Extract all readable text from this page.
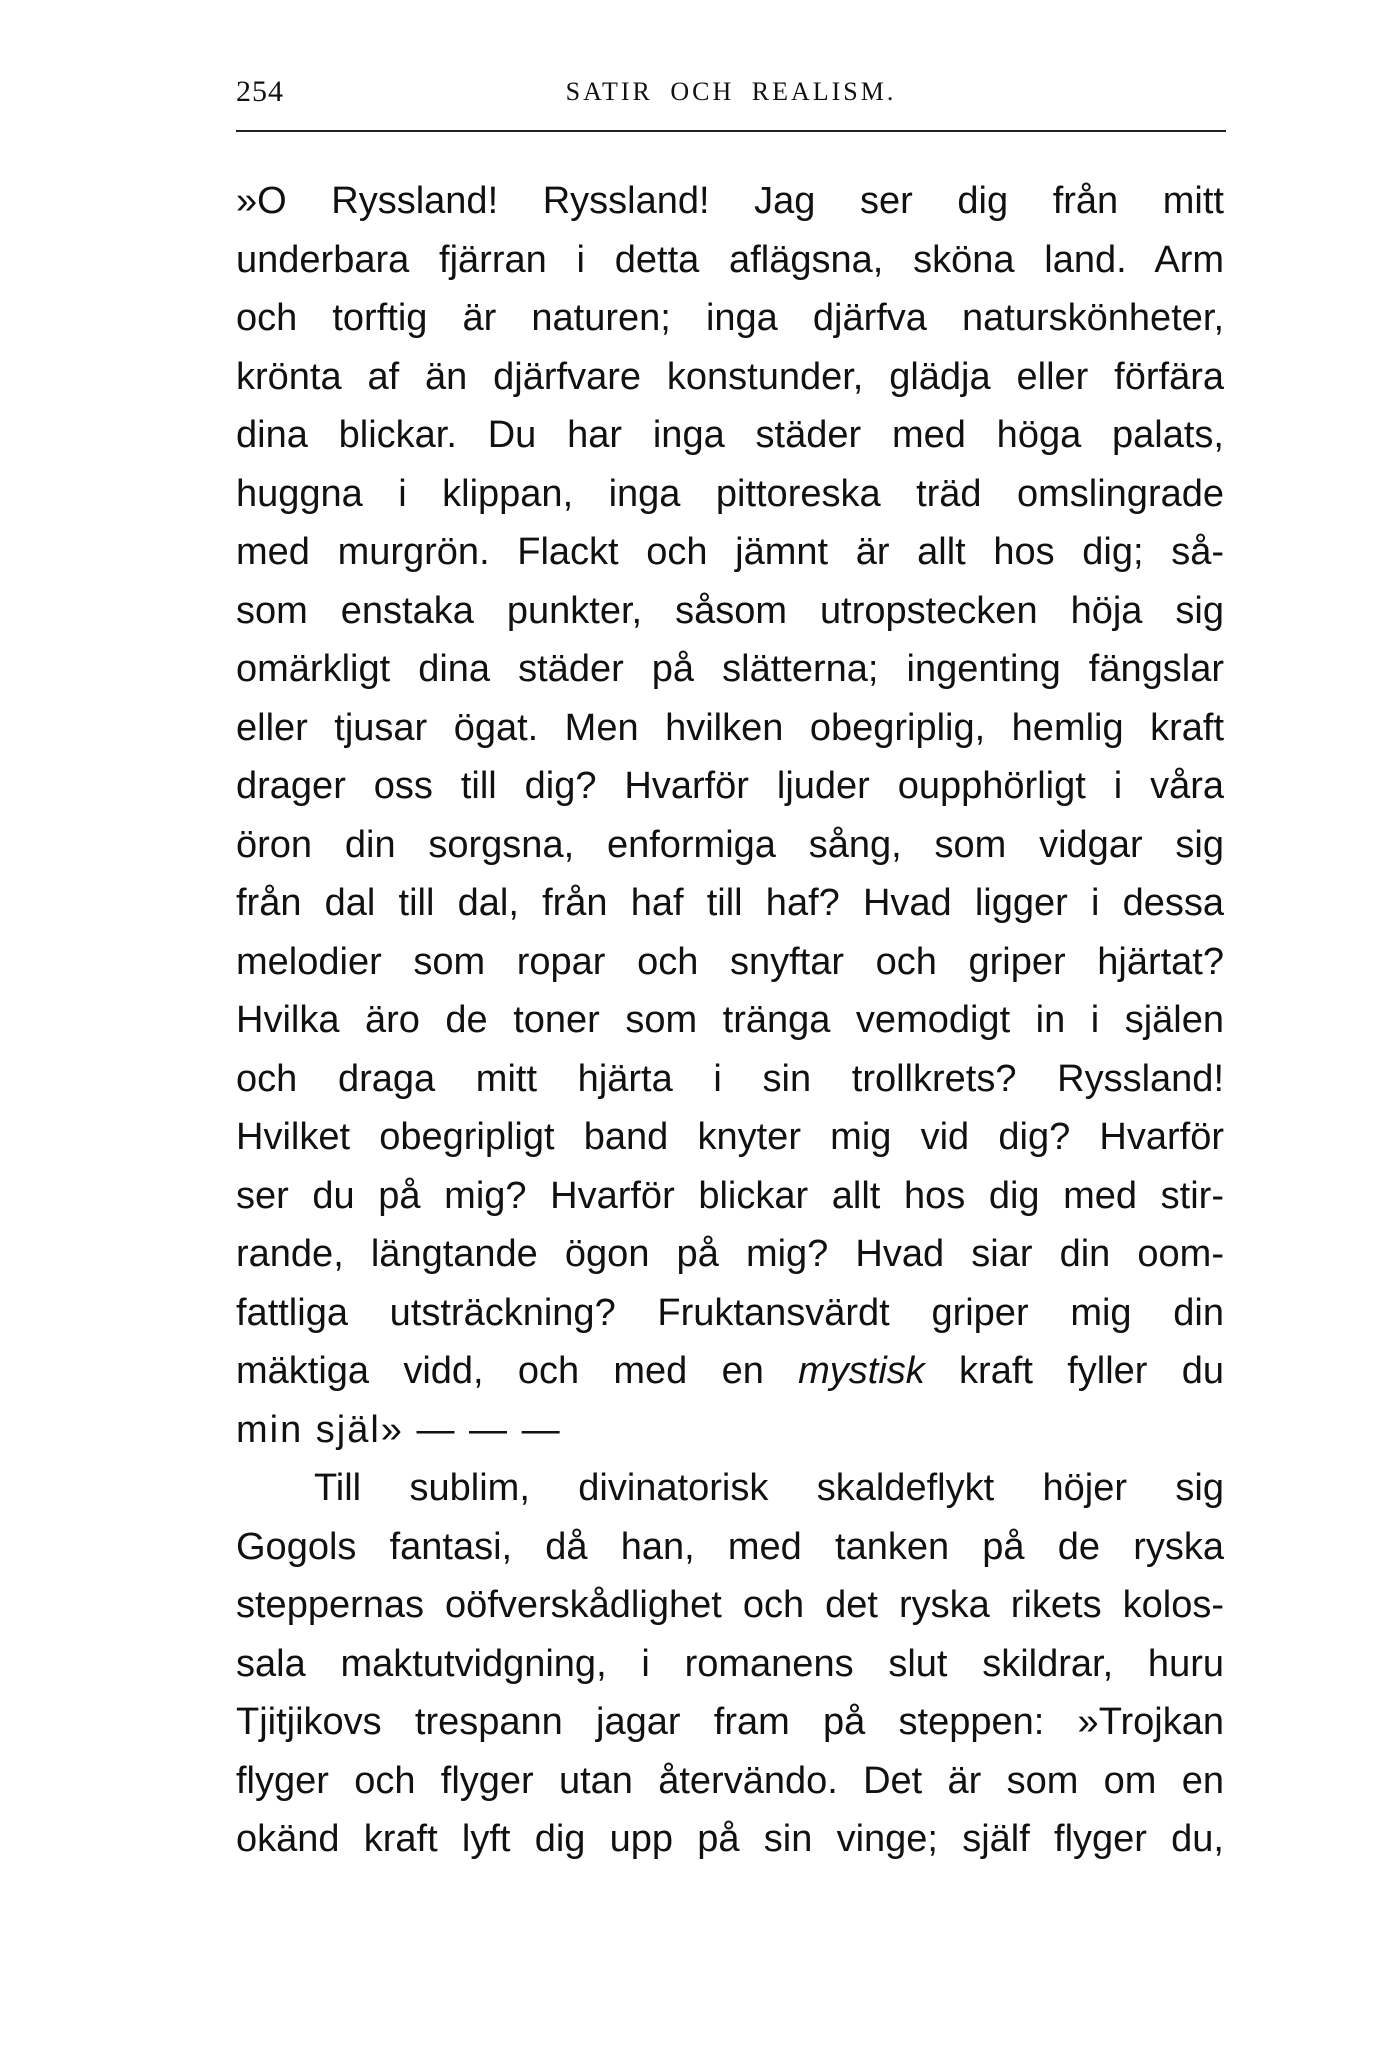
254	SATIR OCH REALISM.
»O Ryssland! Ryssland! Jag ser dig från mitt
underbara fjärran i detta aflägsna, sköna land. Arm
och torftig är naturen; inga djärfva naturskönheter,
krönta af än djärfvare konstunder, glädja eller förfära
dina blickar. Du har inga städer med höga palats,
huggna i klippan, inga pittoreska träd omslingrade
med murgrön. Flackt och jämnt är allt hos dig; så-
som enstaka punkter, såsom utropstecken höja sig
omärkligt dina städer på slätterna; ingenting fängslar
eller tjusar ögat. Men hvilken obegriplig, hemlig kraft
drager oss till dig? Hvarför ljuder oupphörligt i våra
öron din sorgsna, enformiga sång, som vidgar sig
från dal till dal, från haf till haf? Hvad ligger i dessa
melodier som ropar och snyftar och griper hjärtat?
Hvilka äro de toner som tränga vemodigt in i själen
och draga mitt hjärta i sin trollkrets? Ryssland!
Hvilket obegripligt band knyter mig vid dig? Hvarför
ser du på mig? Hvarför blickar allt hos dig med stir-
rande, längtande ögon på mig? Hvad siar din oom-
fattliga utsträckning? Fruktansvärdt griper mig din
mäktiga vidd, och med en mystisk kraft fyller du
min själ» — — —
Till sublim, divinatorisk skaldeflykt höjer sig
Gogols fantasi, då han, med tanken på de ryska
steppernas oöfverskådlighet och det ryska rikets kolos-
sala maktutvidgning, i romanens slut skildrar, huru
Tjitjikovs trespann jagar fram på steppen: »Trojkan
flyger och flyger utan återvändo. Det är som om en
okänd kraft lyft dig upp på sin vinge; själf flyger du,
